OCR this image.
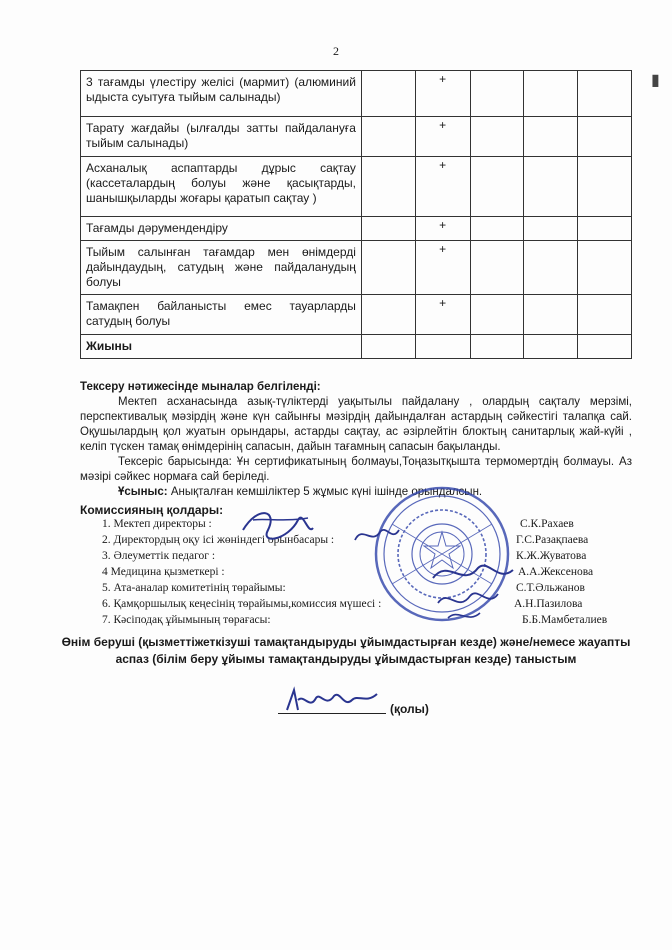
2
▮
3 тағамды үлестіру желісі (мармит) (алюминий ыдыста суытуға тыйым салынады)		+			
Тарату жағдайы (ылғалды затты пайдалануға тыйым салынады)		+			
Асханалық аспаптарды дұрыс сақтау (кассеталардың болуы және қасықтарды, шанышқыларды жоғары қаратып сақтау )		+			
Тағамды дәрумендендіру		+			
Тыйым салынған тағамдар мен өнімдерді дайындаудың, сатудың және пайдаланудың болуы		+			
Тамақпен байланысты емес тауарларды сатудың болуы		+			
Жиыны					

Тексеру нәтижесінде мыналар белгіленді:

Мектеп асханасында азық-түліктерді уақытылы пайдалану , олардың сақталу мерзімі, перспективалық мәзірдің және күн сайынғы мәзірдің дайындалған астардың сәйкестігі талапқа сай. Оқушылардың қол жуатын орындары, астарды сақтау, ас әзірлейтін блоктың санитарлық жай-күйі , келіп түскен тамақ өнімдерінің сапасын, дайын тағамның сапасын бақыланды.

Тексеріс барысында: Ұн сертификатының болмауы,Тоңазытқышта термомертдің болмауы. Аз мәзірі сәйкес нормаға сай беріледі.

Ұсыныс: Анықталған кемшіліктер 5 жұмыс күні ішінде орындалсын.

Комиссияның қолдары:
1. Мектеп директоры :	С.К.Рахаев
2. Директордың оқу ісі жөніндегі орынбасары :	Г.С.Разақпаева
3. Әлеуметтік педагог :	К.Ж.Жуватова
4 Медицина қызметкері :	А.А.Жексенова
5. Ата-аналар комитетінің төрайымы:	С.Т.Әльжанов
6. Қамқоршылық кеңесінің төрайымы,комиссия мүшесі :	А.Н.Пазилова
7. Кәсіподақ ұйымының төрағасы:	Б.Б.Мамбеталиев
Өнім беруші (қызметтіжеткізуші тамақтандыруды ұйымдастырған кезде) және/немесе жауапты аспаз (білім беру ұйымы тамақтандыруды ұйымдастырған кезде) таныстым
(қолы)
